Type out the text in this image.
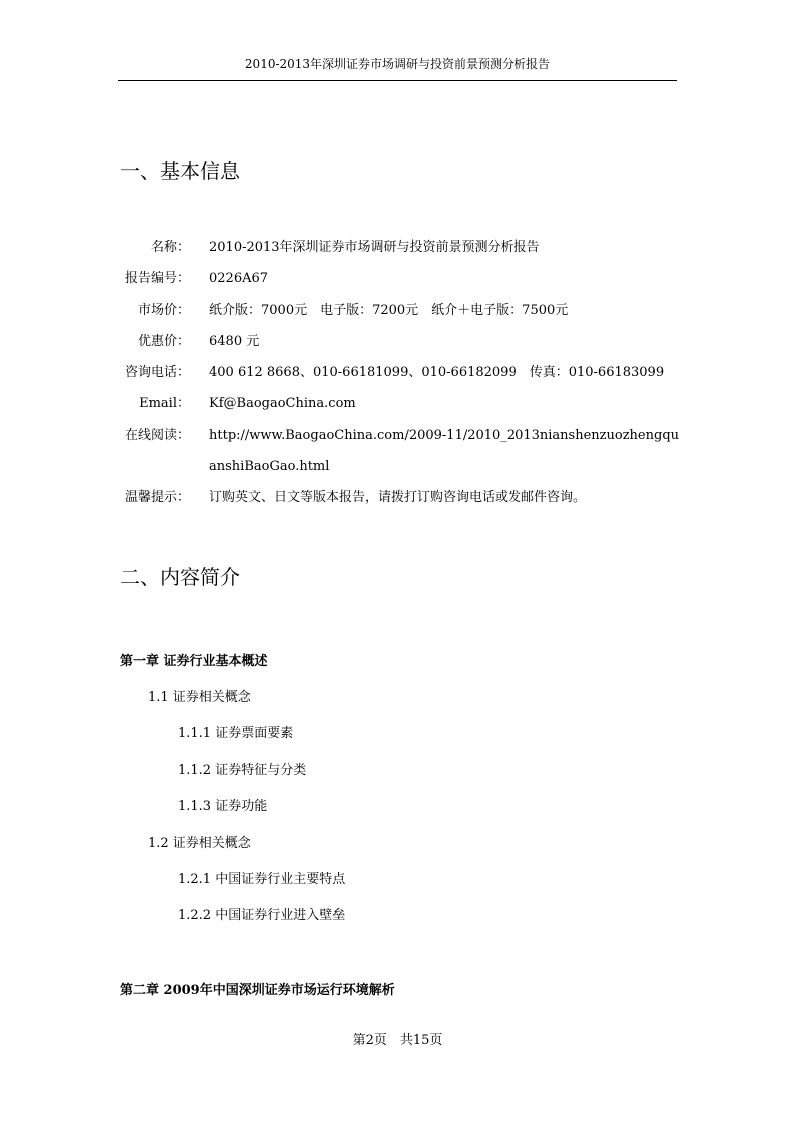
2010-2013年深圳证券市场调研与投资前景预测分析报告
一、基本信息
名称： 2010-2013年深圳证券市场调研与投资前景预测分析报告
报告编号： 0226A67
市场价： 纸介版：7000元　电子版：7200元　纸介＋电子版：7500元
优惠价： 6480 元
咨询电话： 400 612 8668、010-66181099、010-66182099　传真：010-66183099
Email： Kf@BaogaoChina.com
在线阅读： http://www.BaogaoChina.com/2009-11/2010_2013nianshenzuozhengquanshiBaoGao.html
温馨提示： 订购英文、日文等版本报告，请拨打订购咨询电话或发邮件咨询。
二、内容简介
第一章 证券行业基本概述
1.1 证券相关概念
1.1.1 证券票面要素
1.1.2 证券特征与分类
1.1.3 证券功能
1.2 证券相关概念
1.2.1 中国证券行业主要特点
1.2.2 中国证券行业进入壁垒
第二章 2009年中国深圳证券市场运行环境解析
第2页　共15页
